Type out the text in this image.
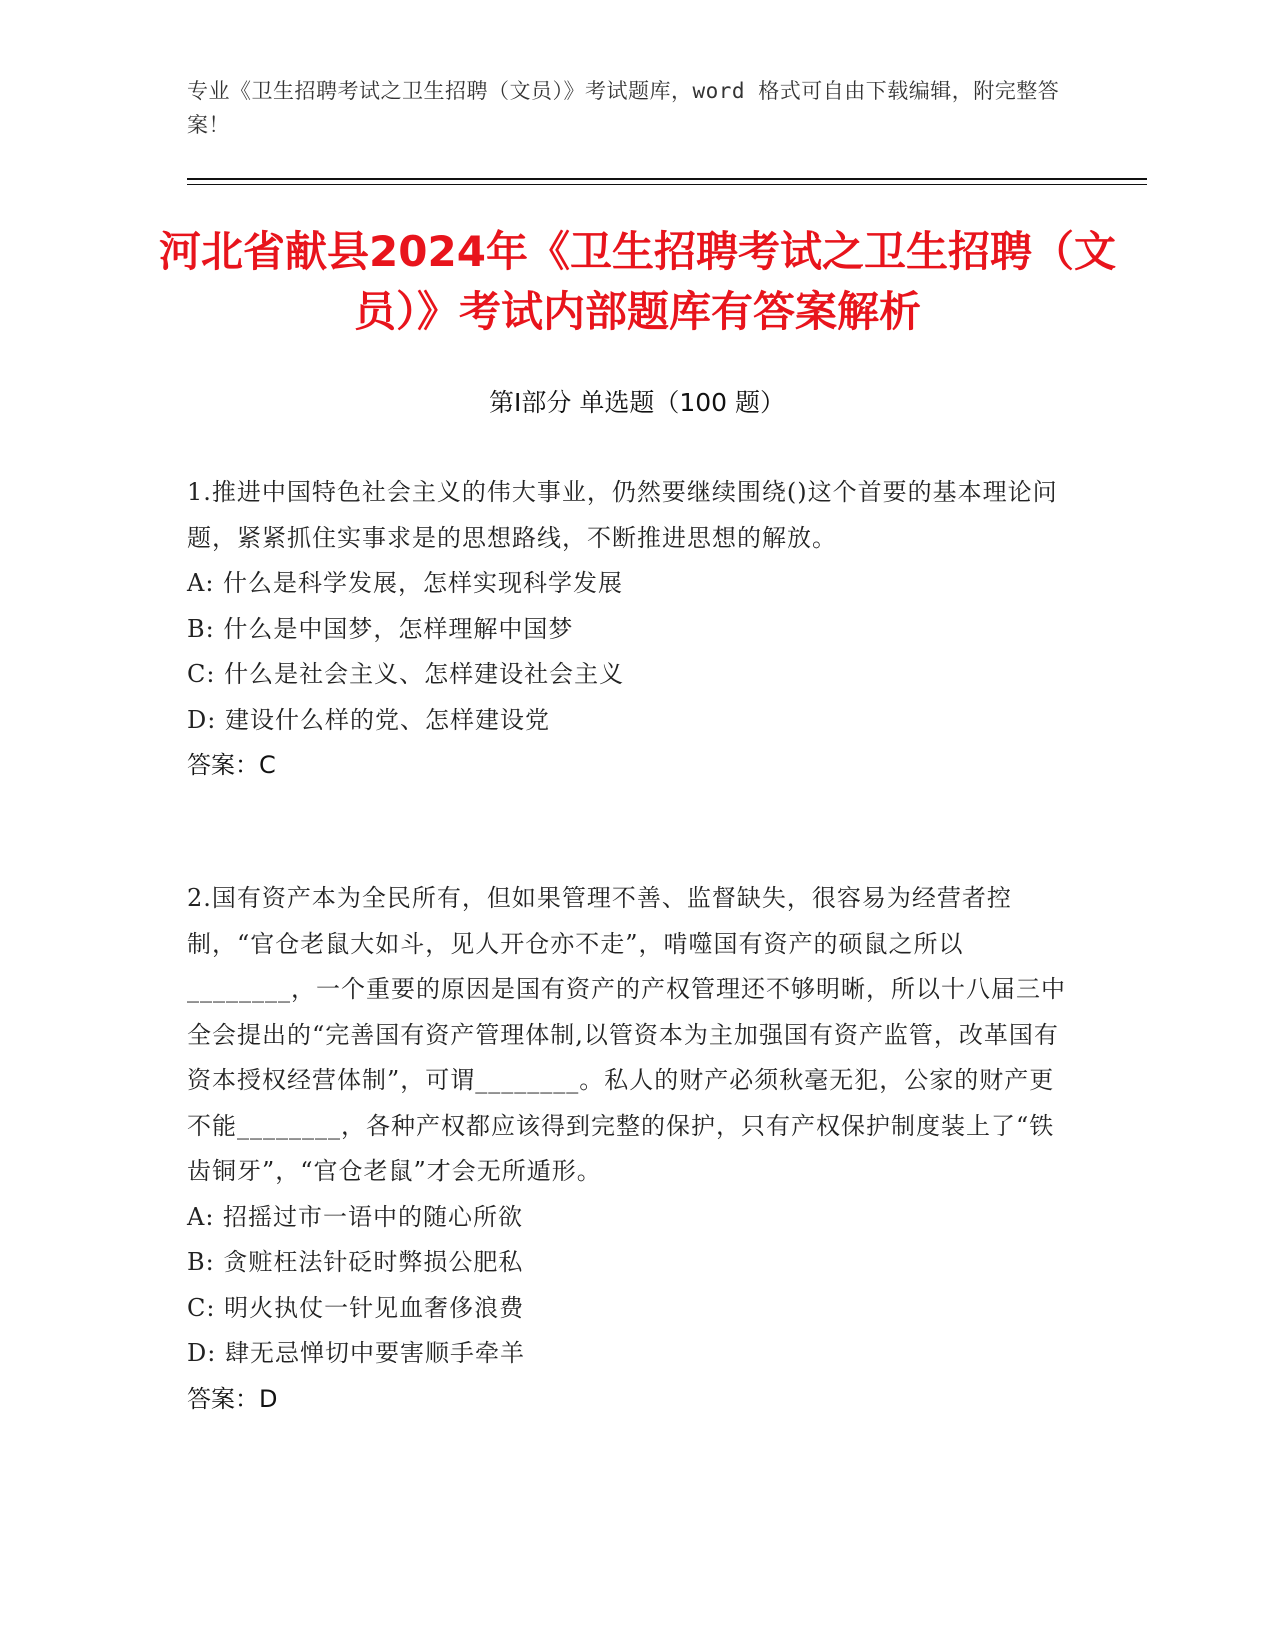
专业《卫生招聘考试之卫生招聘（文员）》考试题库，word 格式可自由下载编辑，附完整答案！
河北省献县2024年《卫生招聘考试之卫生招聘（文员）》考试内部题库有答案解析
第I部分 单选题（100 题）
1.推进中国特色社会主义的伟大事业，仍然要继续围绕()这个首要的基本理论问题，紧紧抓住实事求是的思想路线，不断推进思想的解放。
A: 什么是科学发展，怎样实现科学发展
B: 什么是中国梦，怎样理解中国梦
C: 什么是社会主义、怎样建设社会主义
D: 建设什么样的党、怎样建设党
答案：C
2.国有资产本为全民所有，但如果管理不善、监督缺失，很容易为经营者控制，“官仓老鼠大如斗，见人开仓亦不走”，啃噬国有资产的硕鼠之所以________，一个重要的原因是国有资产的产权管理还不够明晰，所以十八届三中全会提出的“完善国有资产管理体制,以管资本为主加强国有资产监管，改革国有资本授权经营体制”，可谓________。私人的财产必须秋毫无犯，公家的财产更不能________，各种产权都应该得到完整的保护，只有产权保护制度装上了“铁齿铜牙”，“官仓老鼠”才会无所遁形。
A: 招摇过市一语中的随心所欲
B: 贪赃枉法针砭时弊损公肥私
C: 明火执仗一针见血奢侈浪费
D: 肆无忌惮切中要害顺手牵羊
答案：D
